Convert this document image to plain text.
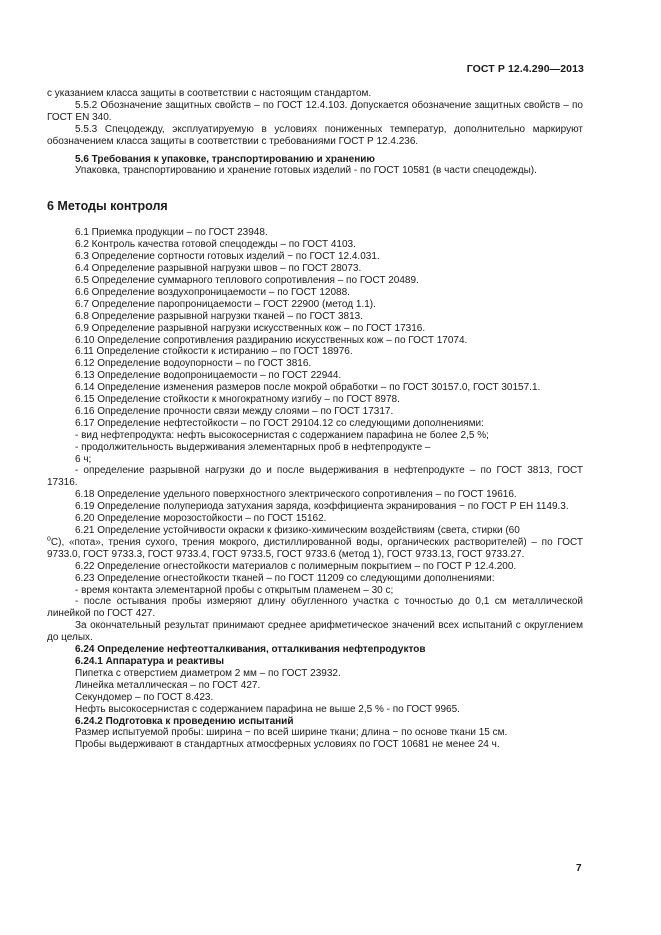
ГОСТ Р 12.4.290—2013

с указанием класса защиты в соответствии с настоящим стандартом.

5.5.2 Обозначение защитных свойств – по ГОСТ 12.4.103. Допускается обозначение защитных свойств – по ГОСТ EN 340.

5.5.3 Спецодежду, эксплуатируемую в условиях пониженных температур, дополнительно маркируют обозначением класса защиты в соответствии с требованиями ГОСТ Р 12.4.236.

5.6 Требования к упаковке, транспортированию и хранению

Упаковка, транспортированию и хранение готовых изделий - по ГОСТ 10581 (в части спецодежды).

6 Методы контроля

6.1 Приемка продукции – по ГОСТ 23948.

6.2 Контроль качества готовой спецодежды – по ГОСТ 4103.

6.3 Определение сортности готовых изделий − по ГОСТ 12.4.031.

6.4 Определение разрывной нагрузки швов – по ГОСТ 28073.

6.5 Определение суммарного теплового сопротивления – по ГОСТ 20489.

6.6 Определение воздухопроницаемости – по ГОСТ 12088.

6.7 Определение паропроницаемости – ГОСТ 22900 (метод 1.1).

6.8 Определение разрывной нагрузки тканей – по ГОСТ 3813.

6.9 Определение разрывной нагрузки искусственных кож – по ГОСТ 17316.

6.10 Определение сопротивления раздиранию искусственных кож – по ГОСТ 17074.

6.11 Определение стойкости к истиранию – по ГОСТ 18976.

6.12 Определение водоупорности – по ГОСТ 3816.

6.13 Определение водопроницаемости – по ГОСТ 22944.

6.14 Определение изменения размеров после мокрой обработки – по ГОСТ 30157.0, ГОСТ 30157.1.

6.15 Определение стойкости к многократному изгибу – по ГОСТ 8978.

6.16 Определение прочности связи между слоями – по ГОСТ 17317.

6.17 Определение нефтестойкости – по ГОСТ 29104.12 со следующими дополнениями:

- вид нефтепродукта: нефть высокосернистая с содержанием парафина не более 2,5 %;

- продолжительность выдерживания элементарных проб в нефтепродукте –

6 ч;

- определение разрывной нагрузки до и после выдерживания в нефтепродукте – по ГОСТ 3813, ГОСТ 17316.

6.18 Определение удельного поверхностного электрического сопротивления – по ГОСТ 19616.

6.19 Определение полупериода затухания заряда, коэффициента экранирования − по ГОСТ Р ЕН 1149.3.

6.20 Определение морозостойкости – по ГОСТ 15162.

6.21 Определение устойчивости окраски к физико-химическим воздействиям (света, стирки (60
$^о$С), «пота», трения сухого, трения мокрого, дистиллированной воды, органических растворителей) – по ГОСТ 9733.0, ГОСТ 9733.3, ГОСТ 9733.4, ГОСТ 9733.5, ГОСТ 9733.6 (метод 1), ГОСТ 9733.13, ГОСТ 9733.27.

6.22 Определение огнестойкости материалов с полимерным покрытием – по ГОСТ Р 12.4.200.

6.23 Определение огнестойкости тканей – по ГОСТ 11209 со следующими дополнениями:

- время контакта элементарной пробы с открытым пламенем – 30 с;

- после остывания пробы измеряют длину обугленного участка с точностью до 0,1 см металлической линейкой по ГОСТ 427.

За окончательный результат принимают среднее арифметическое значений всех испытаний с округлением до целых.

6.24 Определение нефтеотталкивания, отталкивания нефтепродуктов

6.24.1 Аппаратура и реактивы

Пипетка с отверстием диаметром 2 мм – по ГОСТ 23932.

Линейка металлическая – по ГОСТ 427.

Секундомер – по ГОСТ 8.423.

Нефть высокосернистая с содержанием парафина не выше 2,5 % - по ГОСТ 9965.

6.24.2 Подготовка к проведению испытаний

Размер испытуемой пробы: ширина − по всей ширине ткани; длина − по основе ткани 15 см.

Пробы выдерживают в стандартных атмосферных условиях по ГОСТ 10681 не менее 24 ч.

7
